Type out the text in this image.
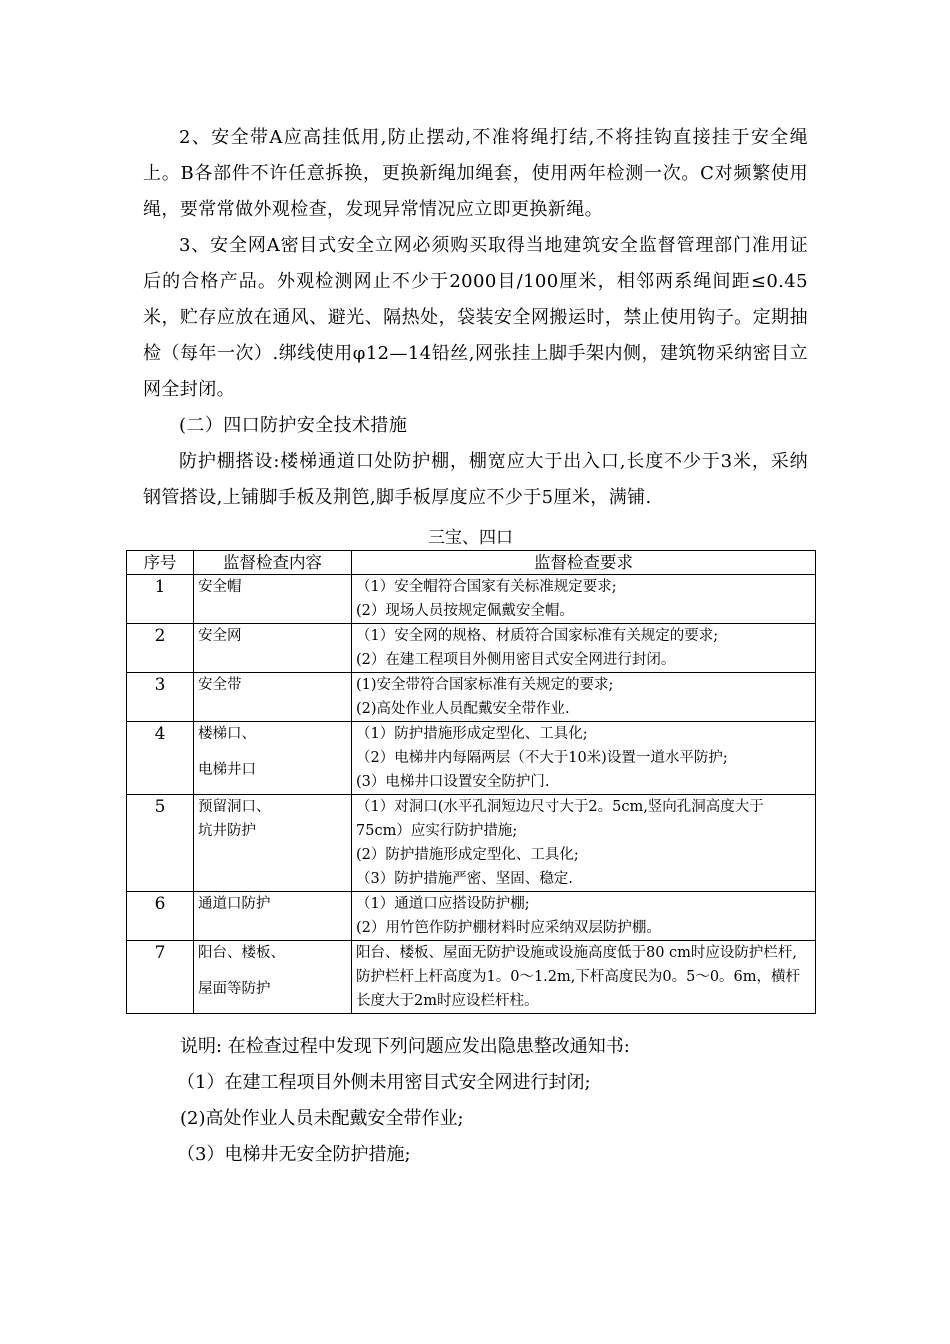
2、安全带A应高挂低用,防止摆动,不准将绳打结,不将挂钩直接挂于安全绳上。B各部件不许任意拆换，更换新绳加绳套，使用两年检测一次。C对频繁使用绳，要常常做外观检查，发现异常情况应立即更换新绳。

3、安全网A密目式安全立网必须购买取得当地建筑安全监督管理部门准用证后的合格产品。外观检测网止不少于2000目/100厘米，相邻两系绳间距≤0.45米，贮存应放在通风、避光、隔热处，袋装安全网搬运时，禁止使用钩子。定期抽检（每年一次）.绑线使用φ12—14铅丝,网张挂上脚手架内侧，建筑物采纳密目立网全封闭。

(二）四口防护安全技术措施

防护棚搭设:楼梯通道口处防护棚，棚宽应大于出入口,长度不少于3米，采纳钢管搭设,上铺脚手板及荆笆,脚手板厚度应不少于5厘米，满铺.

三宝、四口
序号	监督检查内容	监督检查要求
1	安全帽	（1）安全帽符合国家有关标准规定要求;
(2）现场人员按规定佩戴安全帽。

2	安全网	（1）安全网的规格、材质符合国家标准有关规定的要求;
(2）在建工程项目外侧用密目式安全网进行封闭。

3	安全带	(1)安全带符合国家标准有关规定的要求;
(2)高处作业人员配戴安全带作业.

4	楼梯口、
电梯井口	（1）防护措施形成定型化、工具化;
（2）电梯井内每隔两层（不大于10米)设置一道水平防护;
(3）电梯井口设置安全防护门.

5	预留洞口、
坑井防护	（1）对洞口(水平孔洞短边尺寸大于2。5cm,竖向孔洞高度大于75cm）应实行防护措施;
(2）防护措施形成定型化、工具化;
（3）防护措施严密、坚固、稳定.

6	通道口防护	（1）通道口应搭设防护棚;
(2）用竹笆作防护棚材料时应采纳双层防护棚。

7	阳台、楼板、
屋面等防护	阳台、楼板、屋面无防护设施或设施高度低于80 cm时应设防护栏杆,防护栏杆上杆高度为1。0～1.2m,下杆高度民为0。5～0。6m，横杆长度大于2m时应设栏杆柱。
说明: 在检查过程中发现下列问题应发出隐患整改通知书:
（1）在建工程项目外侧未用密目式安全网进行封闭;
(2)高处作业人员未配戴安全带作业;
（3）电梯井无安全防护措施;
